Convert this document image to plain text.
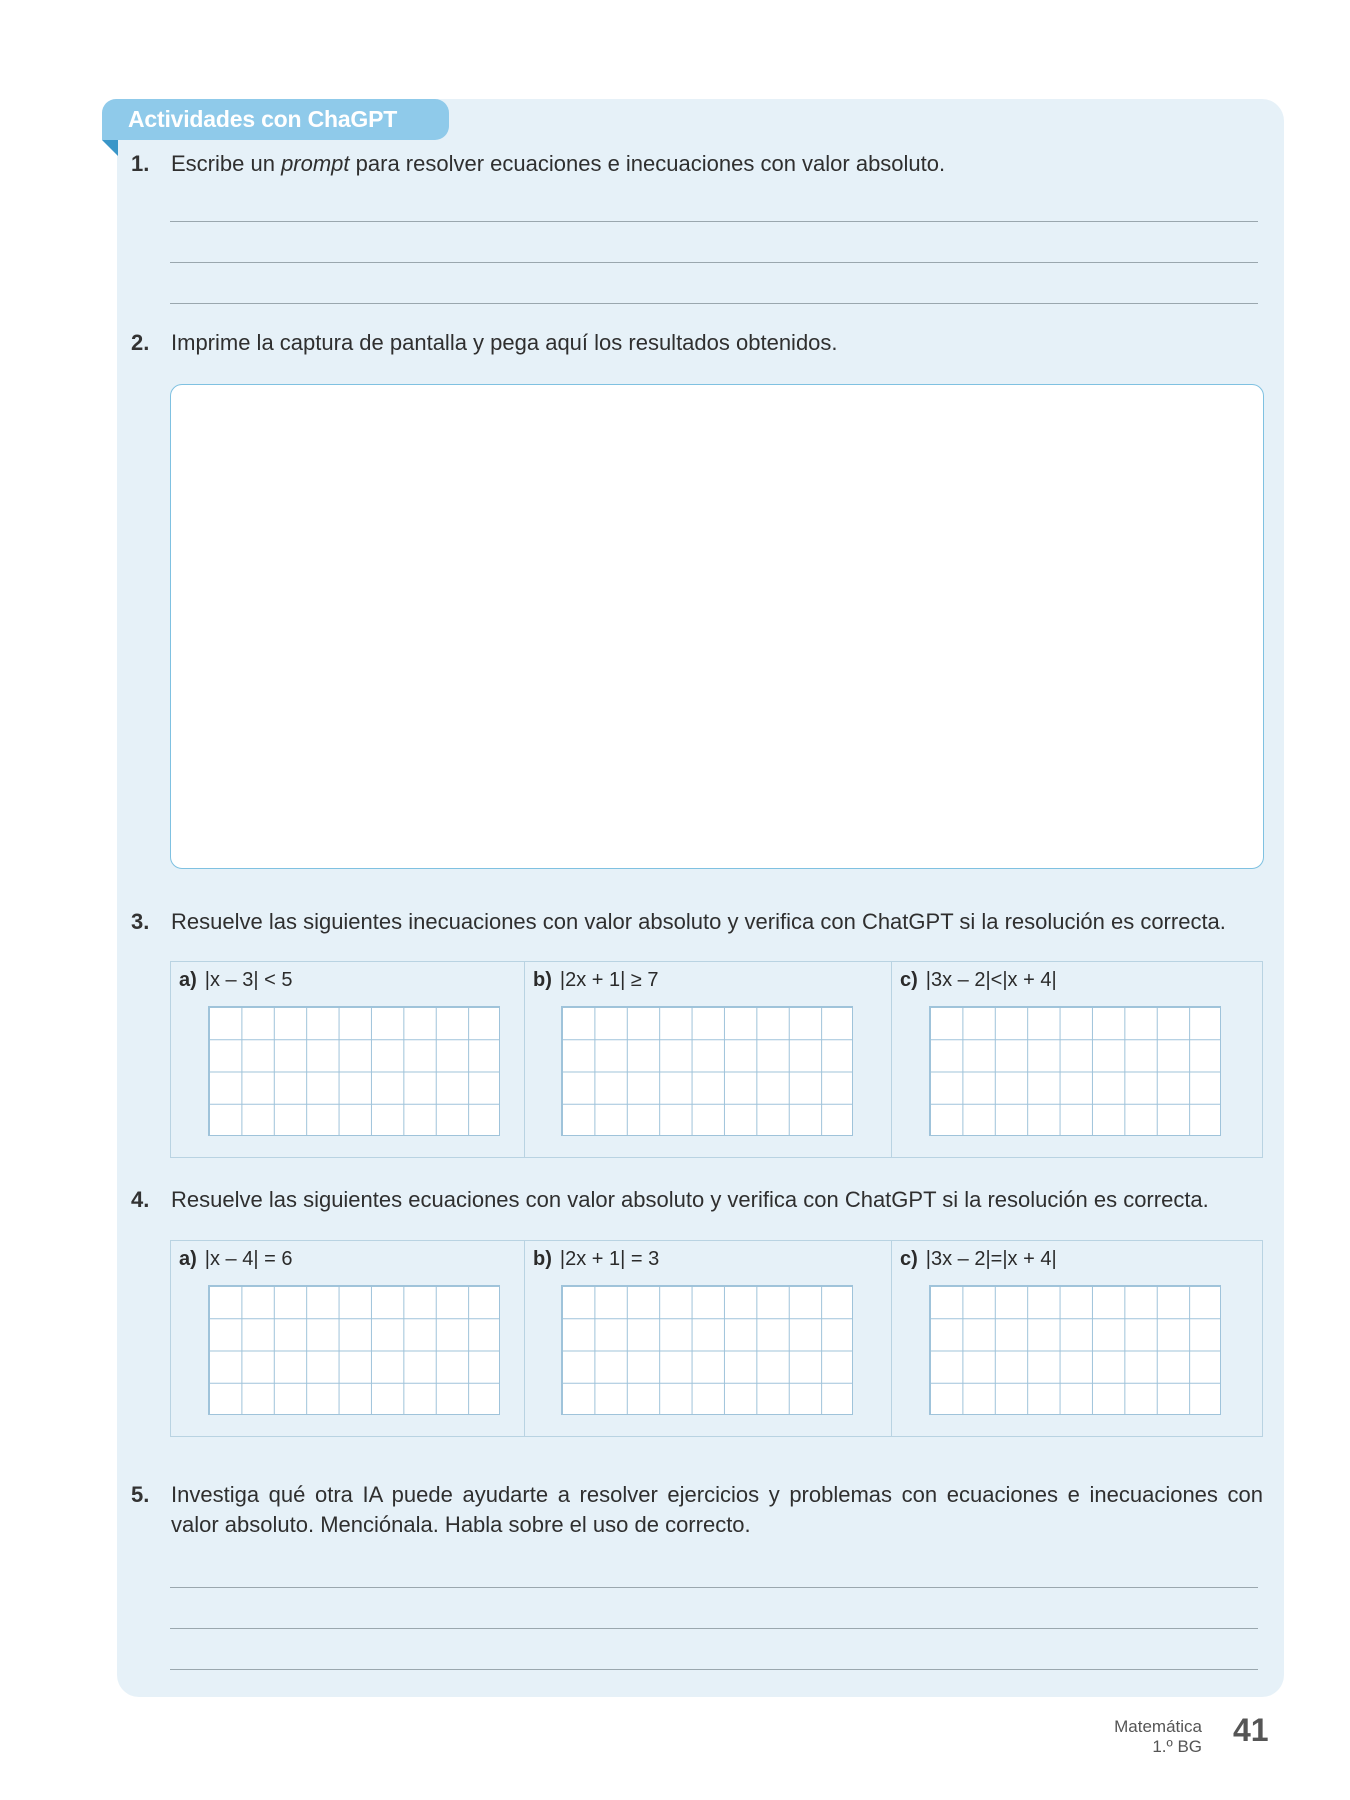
Actividades con ChaGPT
1. Escribe un prompt para resolver ecuaciones e inecuaciones con valor absoluto.
2. Imprime la captura de pantalla y pega aquí los resultados obtenidos.
3. Resuelve las siguientes inecuaciones con valor absoluto y verifica con ChatGPT si la resolución es correcta.
a) |x – 3| < 5	b) |2x + 1| ≥ 7	c) |3x – 2|<|x + 4|
4. Resuelve las siguientes ecuaciones con valor absoluto y verifica con ChatGPT si la resolución es correcta.
a) |x – 4| = 6	b) |2x + 1| = 3	c) |3x – 2|=|x + 4|
5. Investiga qué otra IA puede ayudarte a resolver ejercicios y problemas con ecuaciones e inecuaciones con valor absoluto. Menciónala. Habla sobre el uso de correcto.
Matemática
1.º BG 41
